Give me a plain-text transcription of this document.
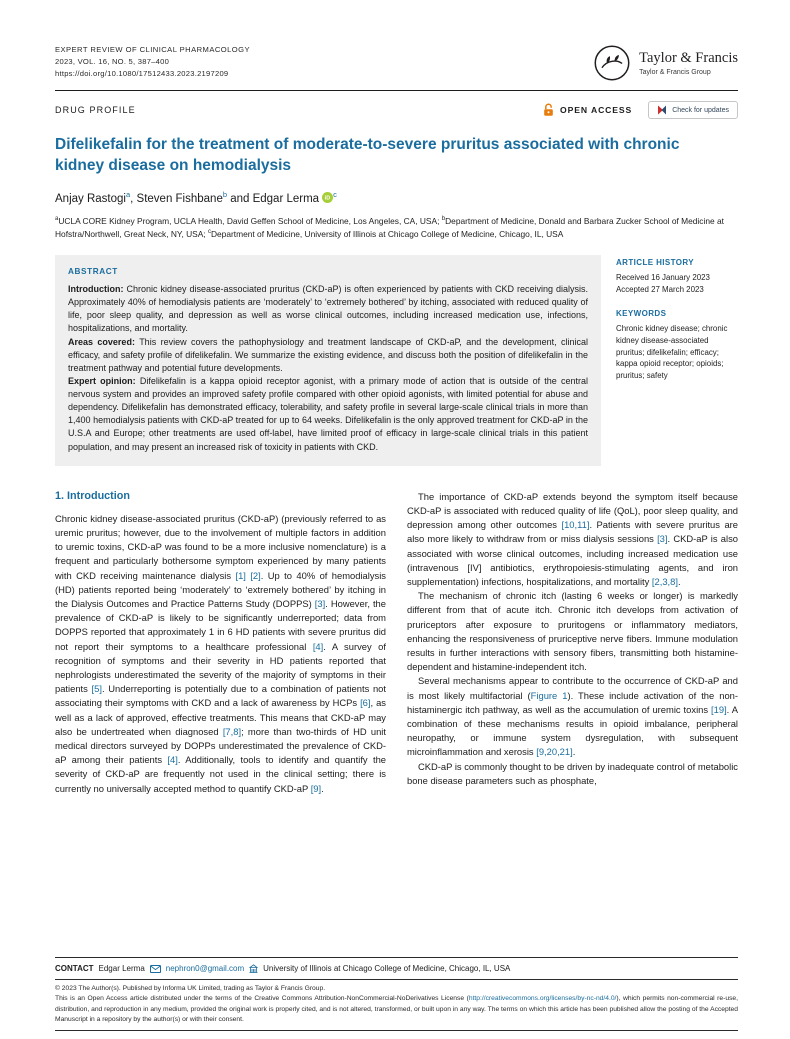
EXPERT REVIEW OF CLINICAL PHARMACOLOGY
2023, VOL. 16, NO. 5, 387–400
https://doi.org/10.1080/17512433.2023.2197209
Taylor & Francis
Taylor & Francis Group
DRUG PROFILE	OPEN ACCESS	Check for updates
Difelikefalin for the treatment of moderate-to-severe pruritus associated with chronic kidney disease on hemodialysis
Anjay Rastogi$^a$, Steven Fishbane$^b$ and Edgar Lerma iD $^c$

$^a$UCLA CORE Kidney Program, UCLA Health, David Geffen School of Medicine, Los Angeles, CA, USA; $^b$Department of Medicine, Donald and Barbara Zucker School of Medicine at Hofstra/Northwell, Great Neck, NY, USA; $^c$Department of Medicine, University of Illinois at Chicago College of Medicine, Chicago, IL, USA

ABSTRACT

Introduction: Chronic kidney disease-associated pruritus (CKD-aP) is often experienced by patients with CKD receiving dialysis. Approximately 40% of hemodialysis patients are ‘moderately’ to ‘extremely bothered’ by itching, associated with reduced quality of life, poor sleep quality, and depression as well as worse clinical outcomes, including increased medication use, infections, hospitalizations, and mortality.

Areas covered: This review covers the pathophysiology and treatment landscape of CKD-aP, and the development, clinical efficacy, and safety profile of difelikefalin. We summarize the existing evidence, and discuss both the position of difelikefalin in the treatment pathway and potential future developments.

Expert opinion: Difelikefalin is a kappa opioid receptor agonist, with a primary mode of action that is outside of the central nervous system and provides an improved safety profile compared with other opioid agonists, with limited potential for abuse and dependency. Difelikefalin has demonstrated efficacy, tolerability, and safety profile in several large-scale clinical trials in more than 1,400 hemodialysis patients with CKD-aP treated for up to 64 weeks. Difelikefalin is the only approved treatment for CKD-aP in the U.S.A and Europe; other treatments are used off-label, have limited proof of efficacy in large-scale clinical trials in this patient population, and may present an increased risk of toxicity in patients with CKD.

ARTICLE HISTORY
Received 16 January 2023
Accepted 27 March 2023
KEYWORDS
Chronic kidney disease; chronic kidney disease-associated pruritus; difelikefalin; efficacy; kappa opioid receptor; opioids; pruritus; safety
1. Introduction

Chronic kidney disease-associated pruritus (CKD-aP) (previously referred to as uremic pruritus; however, due to the involvement of multiple factors in addition to uremic toxins, CKD-aP was found to be a more inclusive nomenclature) is a frequent and particularly bothersome symptom experienced by many patients with CKD receiving maintenance dialysis [1] [2]. Up to 40% of hemodialysis (HD) patients reported being ‘moderately’ to ‘extremely bothered’ by itching in the Dialysis Outcomes and Practice Patterns Study (DOPPS) [3]. However, the prevalence of CKD-aP is likely to be significantly underreported; data from DOPPS reported that approximately 1 in 6 HD patients with severe pruritus did not report their symptoms to a healthcare professional [4]. A survey of recognition of symptoms and their severity in HD patients reported that nephrologists underestimated the severity of the majority of symptoms in their patients [5]. Underreporting is potentially due to a combination of patients not associating their symptoms with CKD and a lack of awareness by HCPs [6], as well as a lack of approved, effective treatments. This means that CKD-aP may also be undertreated when diagnosed [7,8]; more than two-thirds of HD unit medical directors surveyed by DOPPs underestimated the prevalence of CKD-aP among their patients [4]. Additionally, tools to identify and quantify the severity of CKD-aP are frequently not used in the clinical setting; there is currently no universally accepted method to quantify CKD-aP [9].

The importance of CKD-aP extends beyond the symptom itself because CKD-aP is associated with reduced quality of life (QoL), poor sleep quality, and depression among other outcomes [10,11]. Patients with severe pruritus are also more likely to withdraw from or miss dialysis sessions [3]. CKD-aP is also associated with worse clinical outcomes, including increased medication use (intravenous [IV] antibiotics, erythropoiesis-stimulating agents, and iron supplementation) infections, hospitalizations, and mortality [2,3,8].

The mechanism of chronic itch (lasting 6 weeks or longer) is markedly different from that of acute itch. Chronic itch develops from activation of pruriceptors after exposure to pruritogens or inflammatory mediators, enhancing the responsiveness of pruriceptive nerve fibers. Immune modulation results in further interactions with sensory fibers, transmitting both histamine-dependent and histamine-independent itch.

Several mechanisms appear to contribute to the occurrence of CKD-aP and is most likely multifactorial (Figure 1). These include activation of the non-histaminergic itch pathway, as well as the accumulation of uremic toxins [19]. A combination of these mechanisms results in opioid imbalance, peripheral neuropathy, or immune system dysregulation, with subsequent microinflammation and xerosis [9,20,21].

CKD-aP is commonly thought to be driven by inadequate control of metabolic bone disease parameters such as phosphate,

CONTACT Edgar Lerma	nephron0@gmail.com University of Illinois at Chicago College of Medicine, Chicago, IL, USA

© 2023 The Author(s). Published by Informa UK Limited, trading as Taylor & Francis Group.

This is an Open Access article distributed under the terms of the Creative Commons Attribution-NonCommercial-NoDerivatives License (http://creativecommons.org/licenses/by-nc-nd/4.0/), which permits non-commercial re-use, distribution, and reproduction in any medium, provided the original work is properly cited, and is not altered, transformed, or built upon in any way. The terms on which this article has been published allow the posting of the Accepted Manuscript in a repository by the author(s) or with their consent.
